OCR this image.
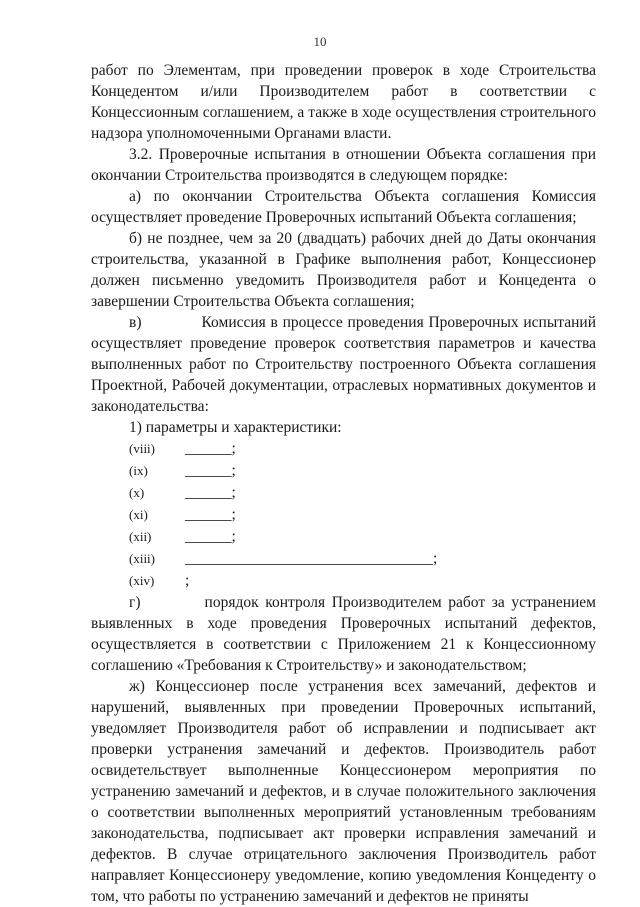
10

работ по Элементам, при проведении проверок в ходе Строительства Концедентом и/или Производителем работ в соответствии с Концессионным соглашением, а также в ходе осуществления строительного надзора уполномоченными Органами власти.

3.2. Проверочные испытания в отношении Объекта соглашения при окончании Строительства производятся в следующем порядке:

а) по окончании Строительства Объекта соглашения Комиссия осуществляет проведение Проверочных испытаний Объекта соглашения;

б) не позднее, чем за 20 (двадцать) рабочих дней до Даты окончания строительства, указанной в Графике выполнения работ, Концессионер должен письменно уведомить Производителя работ и Концедента о завершении Строительства Объекта соглашения;

в)	Комиссия в процессе проведения Проверочных испытаний осуществляет проведение проверок соответствия параметров и качества выполненных работ по Строительству построенного Объекта соглашения Проектной, Рабочей документации, отраслевых нормативных документов и законодательства:

1) параметры и характеристики:

(viii) ______;
(ix) ______;
(x)	______;
(xi) ______;
(xii) ______;
(xiii) ________________________________;
(xiv) ;

г)	порядок контроля Производителем работ за устранением выявленных в ходе проведения Проверочных испытаний дефектов, осуществляется в соответствии с Приложением 21 к Концессионному соглашению «Требования к Строительству» и законодательством;

ж) Концессионер после устранения всех замечаний, дефектов и нарушений, выявленных при проведении Проверочных испытаний, уведомляет Производителя работ об исправлении и подписывает акт проверки устранения замечаний и дефектов. Производитель работ освидетельствует выполненные Концессионером мероприятия по устранению замечаний и дефектов, и в случае положительного заключения о соответствии выполненных мероприятий установленным требованиям законодательства, подписывает акт проверки исправления замечаний и дефектов. В случае отрицательного заключения Производитель работ направляет Концессионеру уведомление, копию уведомления Концеденту о том, что работы по устранению замечаний и дефектов не приняты
